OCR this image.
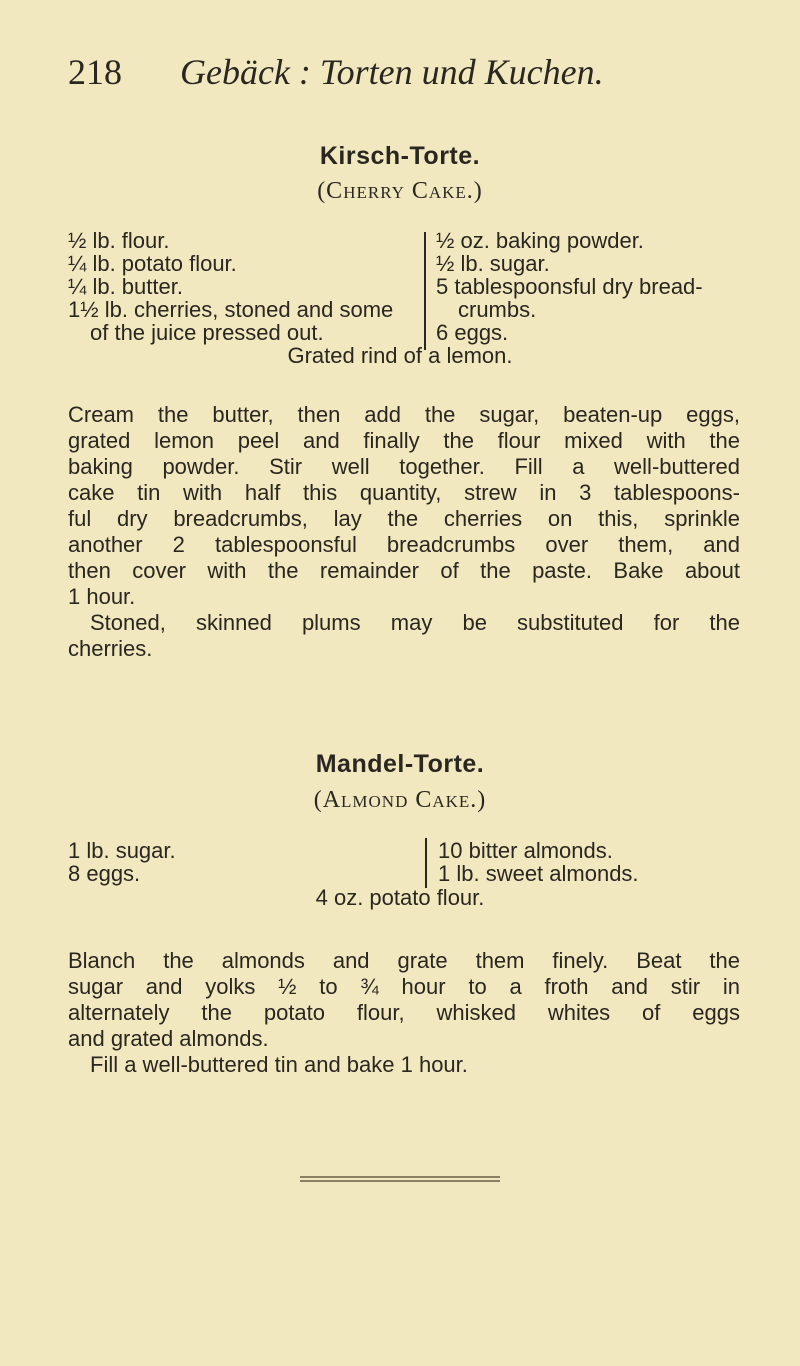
218 Gebäck : Torten und Kuchen.
Kirsch-Torte.
(Cherry Cake.)
½ lb. flour.
¼ lb. potato flour.
¼ lb. butter.
1½ lb. cherries, stoned and some
of the juice pressed out.
½ oz. baking powder.
½ lb. sugar.
5 tablespoonsful dry bread-
crumbs.
6 eggs.
Grated rind of a lemon.
Cream the butter, then add the sugar, beaten-up eggs,
grated lemon peel and finally the flour mixed with the
baking powder. Stir well together. Fill a well-buttered
cake tin with half this quantity, strew in 3 tablespoons-
ful dry breadcrumbs, lay the cherries on this, sprinkle
another 2 tablespoonsful breadcrumbs over them, and
then cover with the remainder of the paste. Bake about
1 hour.
Stoned, skinned plums may be substituted for the
cherries.
Mandel-Torte.
(Almond Cake.)
1 lb. sugar.
8 eggs.
10 bitter almonds.
1 lb. sweet almonds.
4 oz. potato flour.
Blanch the almonds and grate them finely. Beat the
sugar and yolks ½ to ¾ hour to a froth and stir in
alternately the potato flour, whisked whites of eggs
and grated almonds.
Fill a well-buttered tin and bake 1 hour.
